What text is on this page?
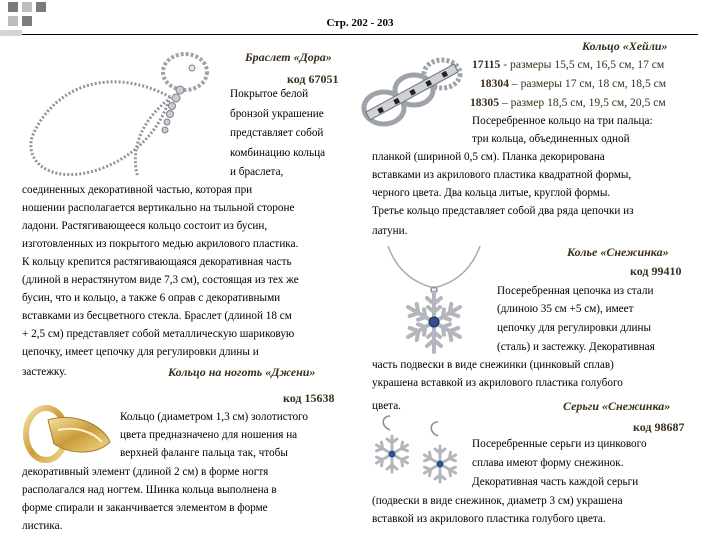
Стр. 202 - 203
Браслет «Дора»
код 67051
Покрытое белой
бронзой украшение
представляет собой
комбинацию кольца
и браслета,
соединенных декоративной частью, которая при
ношении располагается вертикально на тыльной стороне
ладони. Растягивающееся кольцо состоит из бусин,
изготовленных из покрытого медью акрилового пластика.
К кольцу крепится растягивающаяся декоративная часть
(длиной в нерастянутом виде 7,3 см), состоящая из тех же
бусин, что и кольцо, а также 6 оправ с декоративными
вставками из бесцветного стекла. Браслет (длиной 18 см
+ 2,5 см) представляет собой металлическую шариковую
цепочку, имеет цепочку для регулировки длины и
застежку.	Кольцо на ноготь «Джени»
код 15638
Кольцо (диаметром 1,3 см) золотистого
цвета предназначено для ношения на
верхней фаланге пальца так, чтобы
декоративный элемент (длиной 2 см) в форме ногтя
располагался над ногтем. Шинка кольца выполнена в
форме спирали и заканчивается элементом в форме
листика.
Кольцо «Хейли»
17115 - размеры 15,5 см, 16,5 см, 17 см
18304 – размеры 17 см, 18 см, 18,5 см
18305 – размер 18,5 см, 19,5 см, 20,5 см
Посеребренное кольцо на три пальца:
три кольца, объединенных одной
планкой (шириной 0,5 см). Планка декорирована
вставками из акрилового пластика квадратной формы,
черного цвета. Два кольца литые, круглой формы.
Третье кольцо представляет собой два ряда цепочки из
латуни.
Колье «Снежинка»
код 99410
Посеребренная цепочка из стали
(длиною 35 см +5 см), имеет
цепочку для регулировки длины
(сталь) и застежку. Декоративная
часть подвески в виде снежинки (цинковый сплав)
украшена вставкой из акрилового пластика голубого
цвета.	Серьги «Снежинка»
код 98687
Посеребренные серьги из цинкового
сплава имеют форму снежинок.
Декоративная часть каждой серьги
(подвески в виде снежинок, диаметр 3 см) украшена
вставкой из акрилового пластика голубого цвета.
